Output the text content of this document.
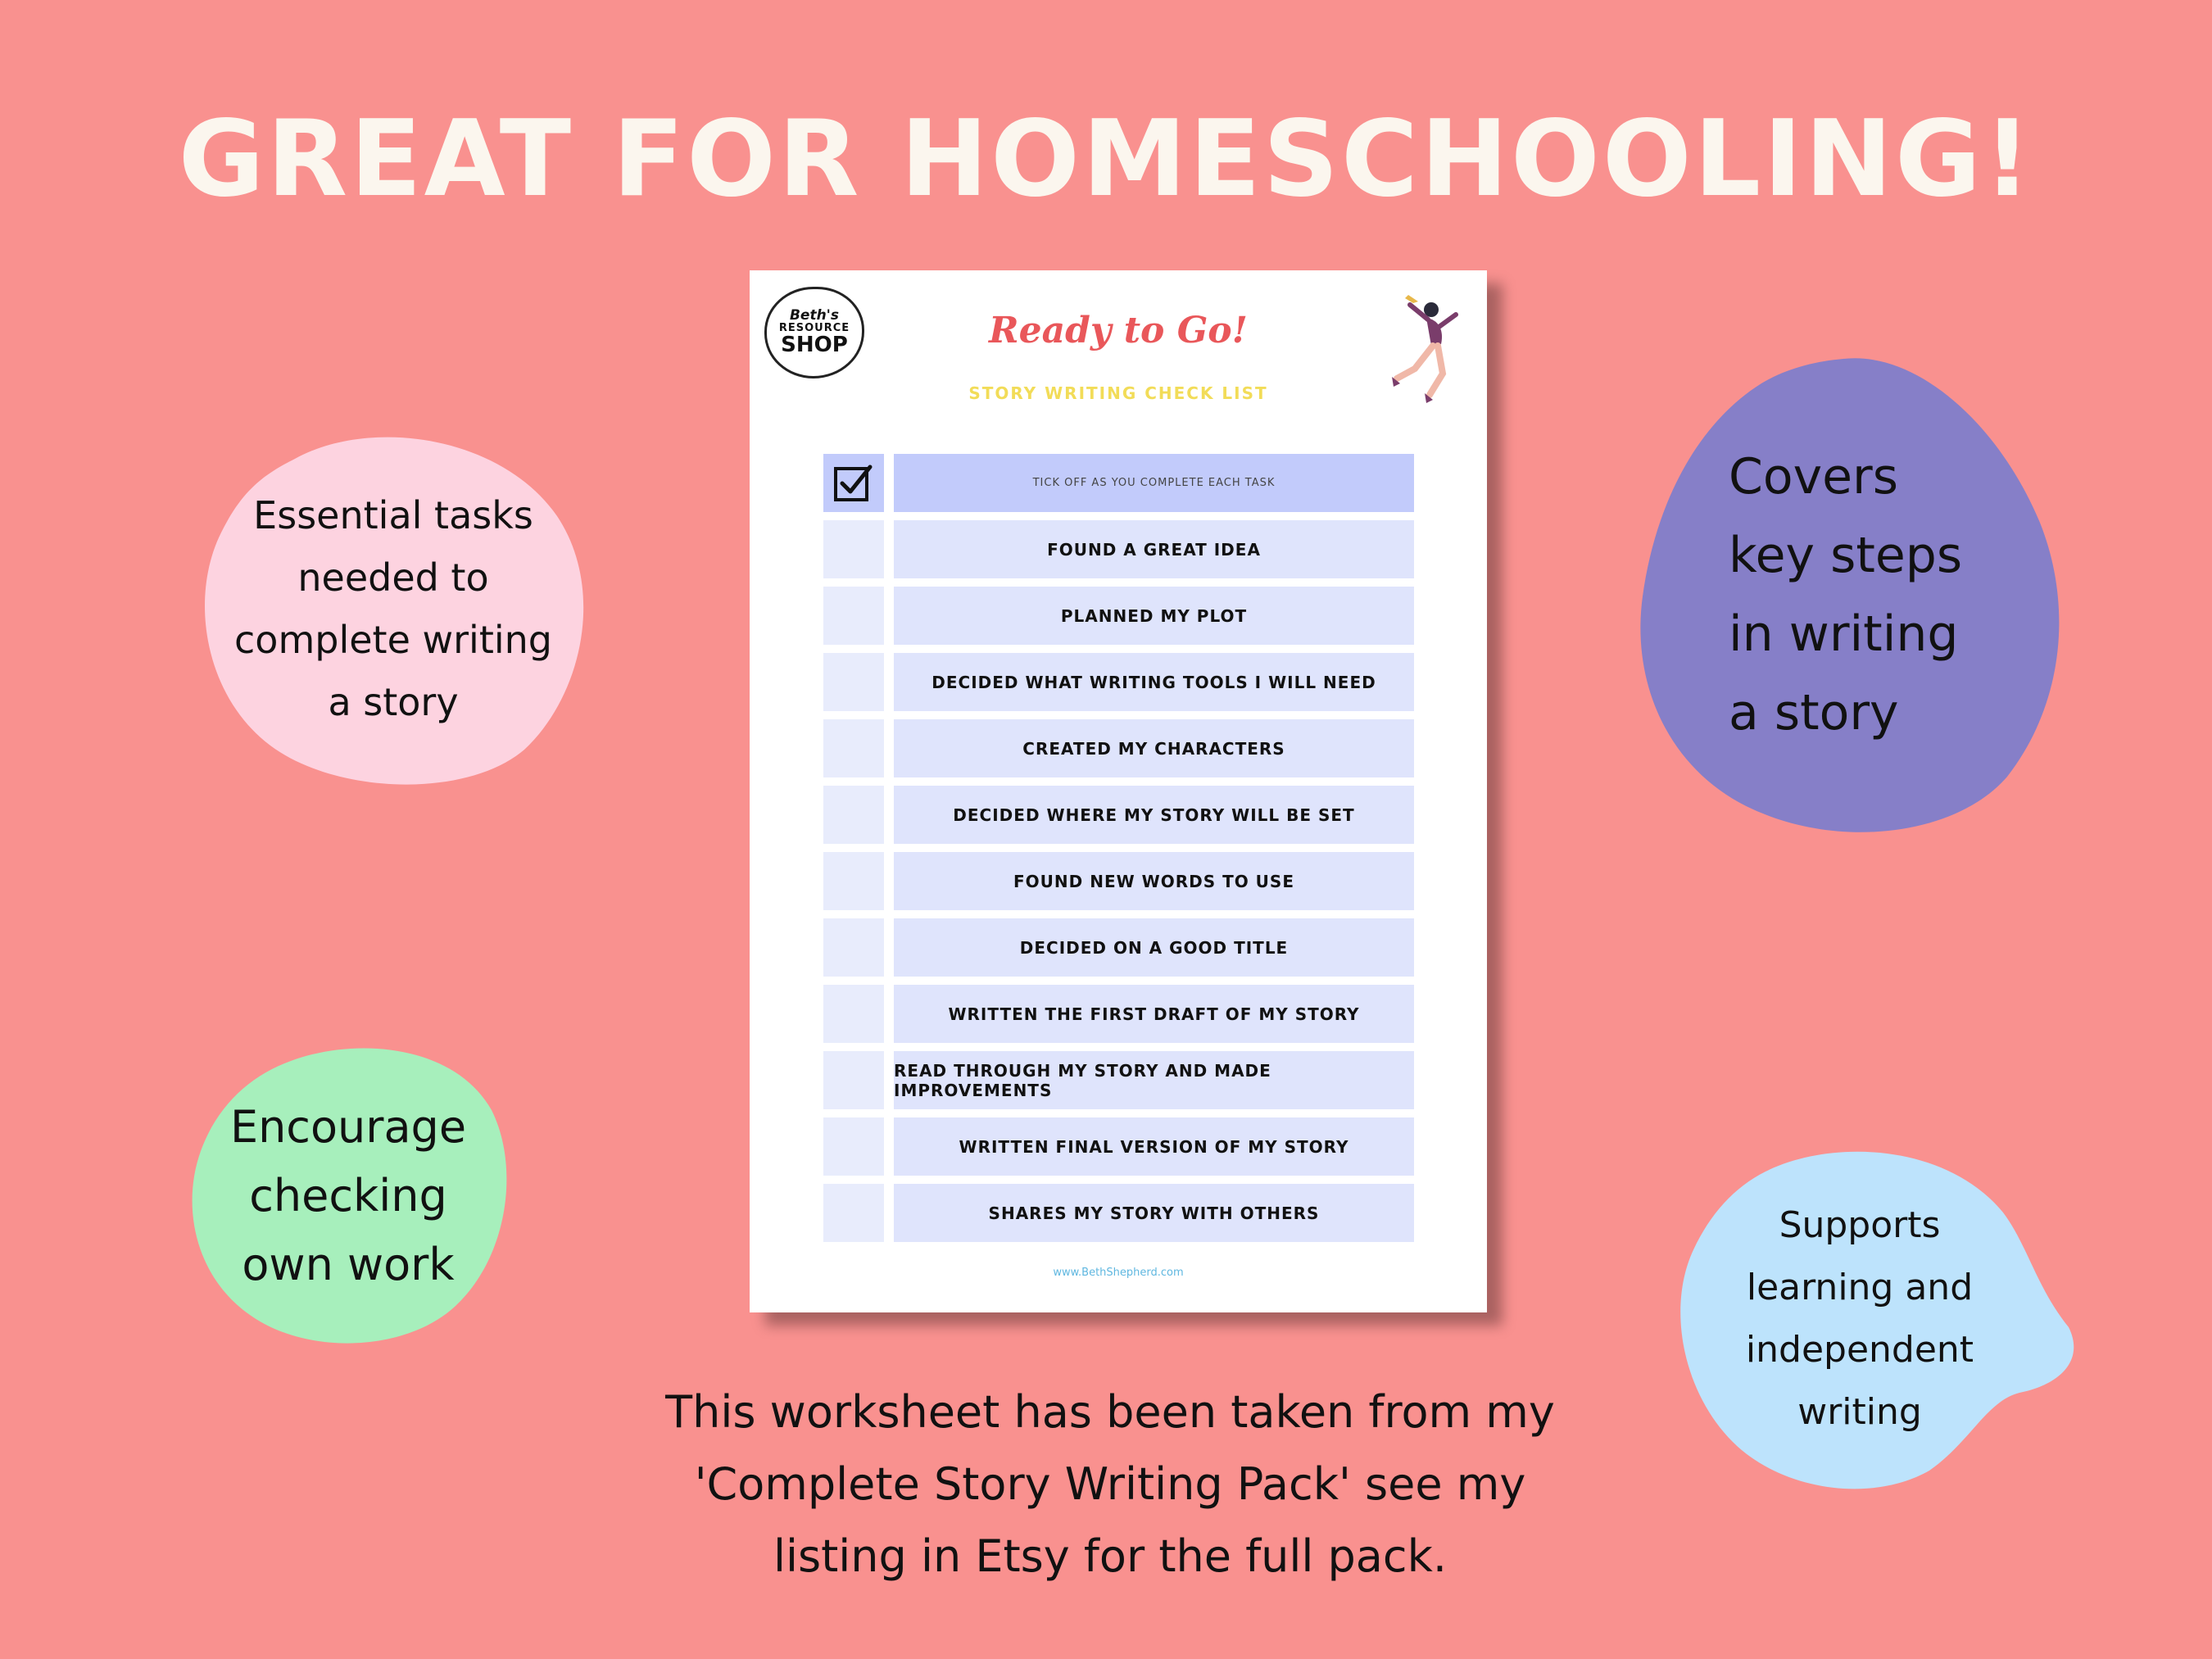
GREAT FOR HOMESCHOOLING!
Essential tasks
needed to
complete writing
a story
Covers
key steps
in writing
a story
Encourage
checking
own work
Supports
learning and
independent
writing
Beth's
RESOURCE
SHOP	Ready to Go!
STORY WRITING CHECK LIST
TICK OFF AS YOU COMPLETE EACH TASK
FOUND A GREAT IDEA
PLANNED MY PLOT
DECIDED WHAT WRITING TOOLS I WILL NEED
CREATED MY CHARACTERS
DECIDED WHERE MY STORY WILL BE SET
FOUND NEW WORDS TO USE
DECIDED ON A GOOD TITLE
WRITTEN THE FIRST DRAFT OF MY STORY
READ THROUGH MY STORY AND MADE IMPROVEMENTS
WRITTEN FINAL VERSION OF MY STORY
SHARES MY STORY WITH OTHERS
www.BethShepherd.com
This worksheet has been taken from my
'Complete Story Writing Pack' see my
listing in Etsy for the full pack.
